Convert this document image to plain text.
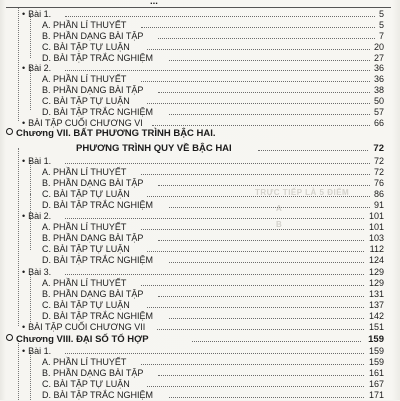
TRỰC TIẾP LÀ 5 ĐIỂM
A
B
...
• Bài 1.	5
A. PHẦN LÍ THUYẾT	5
B. PHẦN DẠNG BÀI TẬP	7
C. BÀI TẬP TỰ LUẬN	20
D. BÀI TẬP TRẮC NGHIỆM	27
• Bài 2.	36
A. PHẦN LÍ THUYẾT	36
B. PHẦN DẠNG BÀI TẬP	38
C. BÀI TẬP TỰ LUẬN	50
D. BÀI TẬP TRẮC NGHIỆM	57
• BÀI TẬP CUỐI CHƯƠNG VI	66
Chương VII. BẤT PHƯƠNG TRÌNH BẬC HAI.
PHƯƠNG TRÌNH QUY VỀ BẬC HAI	72
• Bài 1.	72
A. PHẦN LÍ THUYẾT	72
B. PHẦN DẠNG BÀI TẬP	76
C. BÀI TẬP TỰ LUẬN	86
D. BÀI TẬP TRẮC NGHIỆM	91
• Bài 2.	101
A. PHẦN LÍ THUYẾT	101
B. PHẦN DẠNG BÀI TẬP	103
C. BÀI TẬP TỰ LUẬN	112
D. BÀI TẬP TRẮC NGHIỆM	124
• Bài 3.	129
A. PHẦN LÍ THUYẾT	129
B. PHẦN DẠNG BÀI TẬP	131
C. BÀI TẬP TỰ LUẬN	137
D. BÀI TẬP TRẮC NGHIỆM	142
• BÀI TẬP CUỐI CHƯƠNG VII	151
Chương VIII. ĐẠI SỐ TỔ HỢP	159
• Bài 1.	159
A. PHẦN LÍ THUYẾT	159
B. PHẦN DẠNG BÀI TẬP	161
C. BÀI TẬP TỰ LUẬN	167
D. BÀI TẬP TRẮC NGHIỆM	171
